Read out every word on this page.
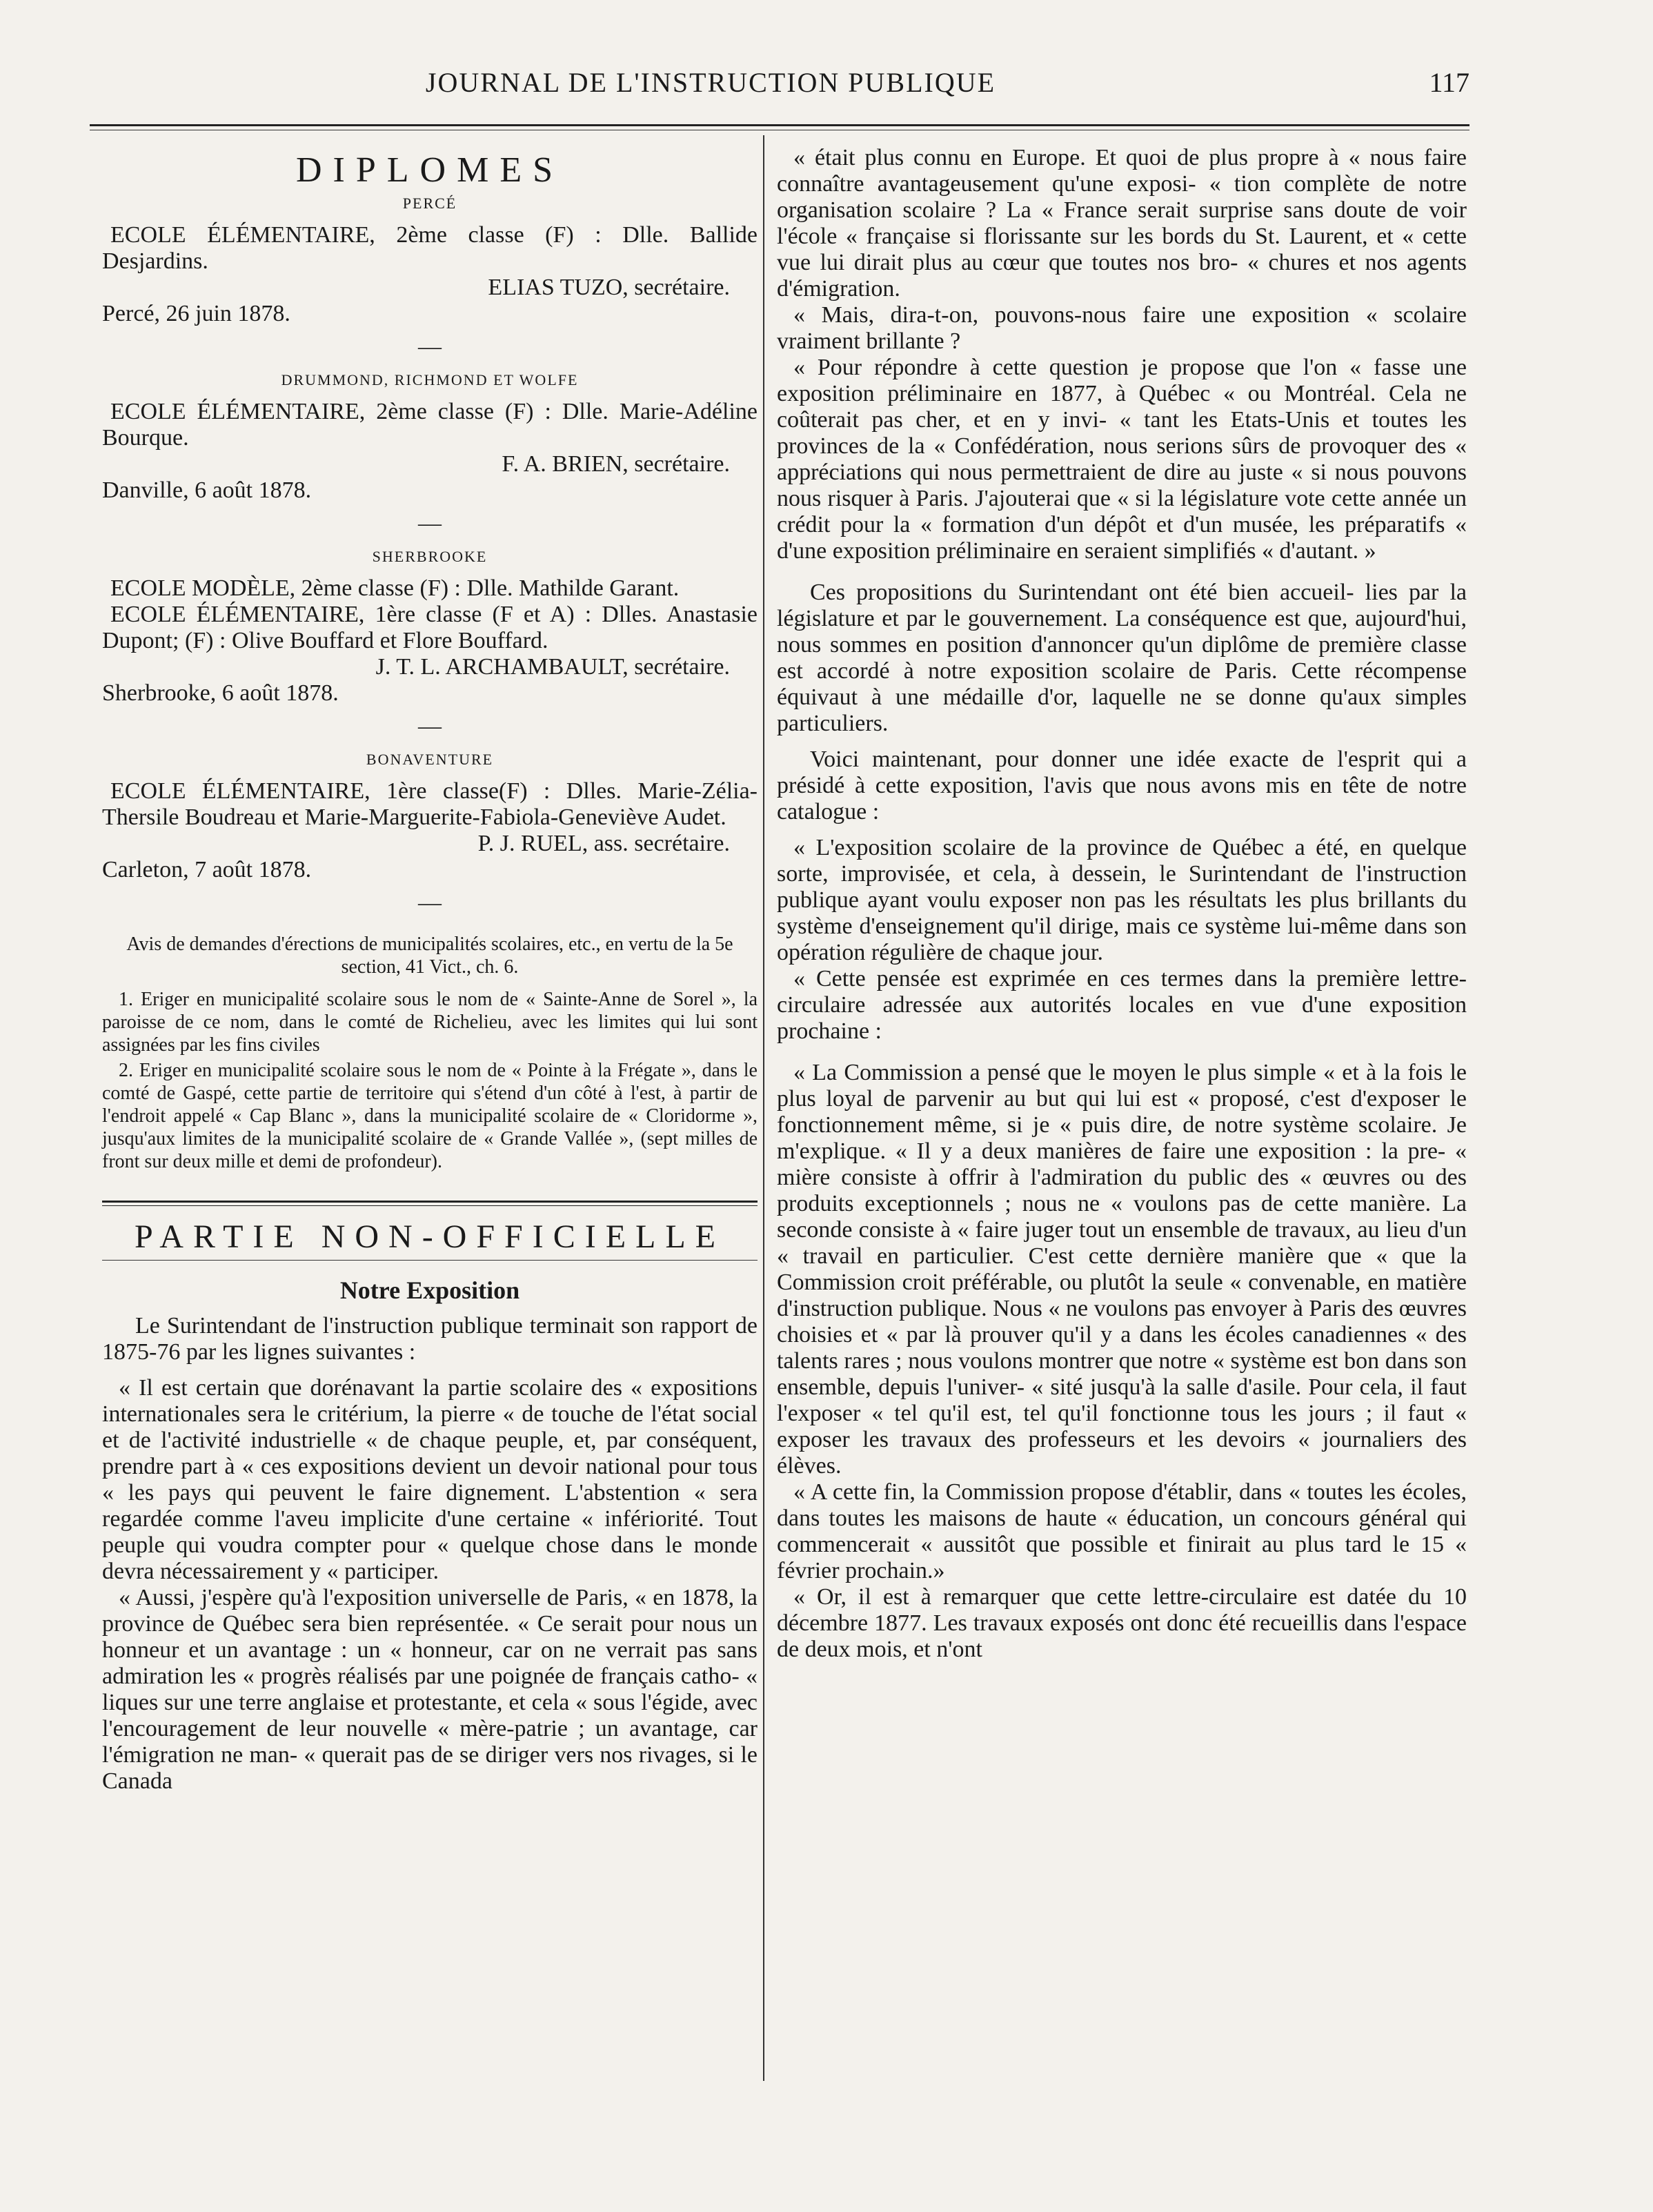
JOURNAL DE L'INSTRUCTION PUBLIQUE	117
DIPLOMES
PERCÉ

ECOLE ÉLÉMENTAIRE, 2ème classe (F) : Dlle. Ballide Desjardins.

ELIAS TUZO, secrétaire.

Percé, 26 juin 1878.

—
DRUMMOND, RICHMOND ET WOLFE

ECOLE ÉLÉMENTAIRE, 2ème classe (F) : Dlle. Marie-Adéline Bourque.

F. A. BRIEN, secrétaire.

Danville, 6 août 1878.

—
SHERBROOKE

ECOLE MODÈLE, 2ème classe (F) : Dlle. Mathilde Garant.

ECOLE ÉLÉMENTAIRE, 1ère classe (F et A) : Dlles. Anastasie Dupont; (F) : Olive Bouffard et Flore Bouffard.

J. T. L. ARCHAMBAULT, secrétaire.

Sherbrooke, 6 août 1878.

—
BONAVENTURE

ECOLE ÉLÉMENTAIRE, 1ère classe(F) : Dlles. Marie-Zélia-Thersile Boudreau et Marie-Marguerite-Fabiola-Geneviève Audet.

P. J. RUEL, ass. secrétaire.

Carleton, 7 août 1878.

—
Avis de demandes d'érections de municipalités scolaires, etc., en vertu de la 5e section, 41 Vict., ch. 6.

1. Eriger en municipalité scolaire sous le nom de « Sainte-Anne de Sorel », la paroisse de ce nom, dans le comté de Richelieu, avec les limites qui lui sont assignées par les fins civiles

2. Eriger en municipalité scolaire sous le nom de « Pointe à la Frégate », dans le comté de Gaspé, cette partie de territoire qui s'étend d'un côté à l'est, à partir de l'endroit appelé « Cap Blanc », dans la municipalité scolaire de « Cloridorme », jusqu'aux limites de la municipalité scolaire de « Grande Vallée », (sept milles de front sur deux mille et demi de profondeur).

PARTIE NON-OFFICIELLE
Notre Exposition

Le Surintendant de l'instruction publique terminait son rapport de 1875-76 par les lignes suivantes :

« Il est certain que dorénavant la partie scolaire des « expositions internationales sera le critérium, la pierre « de touche de l'état social et de l'activité industrielle « de chaque peuple, et, par conséquent, prendre part à « ces expositions devient un devoir national pour tous « les pays qui peuvent le faire dignement. L'abstention « sera regardée comme l'aveu implicite d'une certaine « infériorité. Tout peuple qui voudra compter pour « quelque chose dans le monde devra nécessairement y « participer.

« Aussi, j'espère qu'à l'exposition universelle de Paris, « en 1878, la province de Québec sera bien représentée. « Ce serait pour nous un honneur et un avantage : un « honneur, car on ne verrait pas sans admiration les « progrès réalisés par une poignée de français catho- « liques sur une terre anglaise et protestante, et cela « sous l'égide, avec l'encouragement de leur nouvelle « mère-patrie ; un avantage, car l'émigration ne man- « querait pas de se diriger vers nos rivages, si le Canada

« était plus connu en Europe. Et quoi de plus propre à « nous faire connaître avantageusement qu'une exposi- « tion complète de notre organisation scolaire ? La « France serait surprise sans doute de voir l'école « française si florissante sur les bords du St. Laurent, et « cette vue lui dirait plus au cœur que toutes nos bro- « chures et nos agents d'émigration.

« Mais, dira-t-on, pouvons-nous faire une exposition « scolaire vraiment brillante ?

« Pour répondre à cette question je propose que l'on « fasse une exposition préliminaire en 1877, à Québec « ou Montréal. Cela ne coûterait pas cher, et en y invi- « tant les Etats-Unis et toutes les provinces de la « Confédération, nous serions sûrs de provoquer des « appréciations qui nous permettraient de dire au juste « si nous pouvons nous risquer à Paris. J'ajouterai que « si la législature vote cette année un crédit pour la « formation d'un dépôt et d'un musée, les préparatifs « d'une exposition préliminaire en seraient simplifiés « d'autant. »

Ces propositions du Surintendant ont été bien accueil- lies par la législature et par le gouvernement. La conséquence est que, aujourd'hui, nous sommes en position d'annoncer qu'un diplôme de première classe est accordé à notre exposition scolaire de Paris. Cette récompense équivaut à une médaille d'or, laquelle ne se donne qu'aux simples particuliers.

Voici maintenant, pour donner une idée exacte de l'esprit qui a présidé à cette exposition, l'avis que nous avons mis en tête de notre catalogue :

« L'exposition scolaire de la province de Québec a été, en quelque sorte, improvisée, et cela, à dessein, le Surintendant de l'instruction publique ayant voulu exposer non pas les résultats les plus brillants du système d'enseignement qu'il dirige, mais ce système lui-même dans son opération régulière de chaque jour.

« Cette pensée est exprimée en ces termes dans la première lettre-circulaire adressée aux autorités locales en vue d'une exposition prochaine :

« La Commission a pensé que le moyen le plus simple « et à la fois le plus loyal de parvenir au but qui lui est « proposé, c'est d'exposer le fonctionnement même, si je « puis dire, de notre système scolaire. Je m'explique. « Il y a deux manières de faire une exposition : la pre- « mière consiste à offrir à l'admiration du public des « œuvres ou des produits exceptionnels ; nous ne « voulons pas de cette manière. La seconde consiste à « faire juger tout un ensemble de travaux, au lieu d'un « travail en particulier. C'est cette dernière manière que « que la Commission croit préférable, ou plutôt la seule « convenable, en matière d'instruction publique. Nous « ne voulons pas envoyer à Paris des œuvres choisies et « par là prouver qu'il y a dans les écoles canadiennes « des talents rares ; nous voulons montrer que notre « système est bon dans son ensemble, depuis l'univer- « sité jusqu'à la salle d'asile. Pour cela, il faut l'exposer « tel qu'il est, tel qu'il fonctionne tous les jours ; il faut « exposer les travaux des professeurs et les devoirs « journaliers des élèves.

« A cette fin, la Commission propose d'établir, dans « toutes les écoles, dans toutes les maisons de haute « éducation, un concours général qui commencerait « aussitôt que possible et finirait au plus tard le 15 « février prochain.»

« Or, il est à remarquer que cette lettre-circulaire est datée du 10 décembre 1877. Les travaux exposés ont donc été recueillis dans l'espace de deux mois, et n'ont
